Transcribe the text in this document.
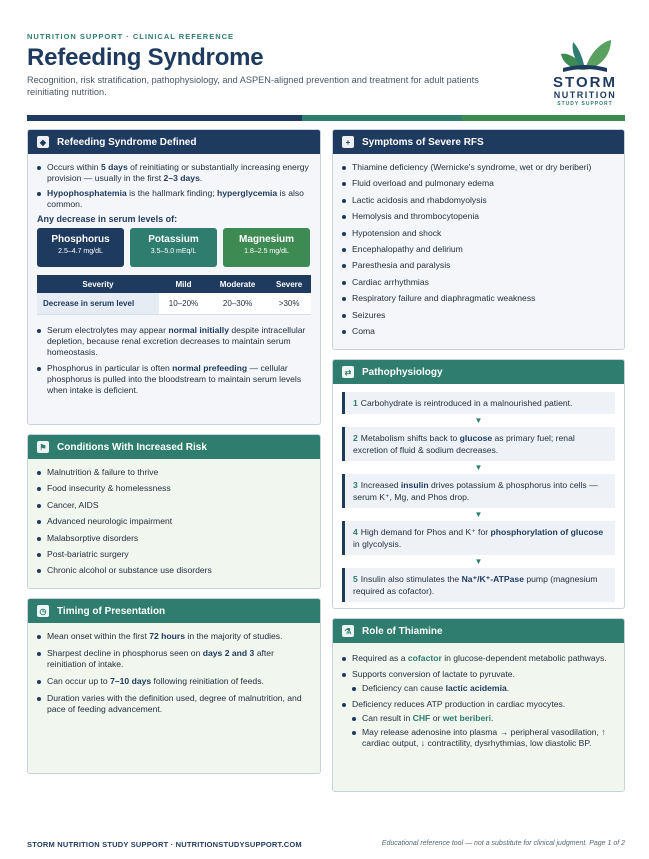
NUTRITION SUPPORT · CLINICAL REFERENCE
Refeeding Syndrome
Recognition, risk stratification, pathophysiology, and ASPEN-aligned prevention and treatment for adult patients reinitiating nutrition.
STORM
NUTRITION
STUDY SUPPORT
◆ Refeeding Syndrome Defined
Occurs within 5 days of reinitiating or substantially increasing energy provision — usually in the first 2–3 days.
Hypophosphatemia is the hallmark finding; hyperglycemia is also common.
Any decrease in serum levels of:
Phosphorus
2.5–4.7 mg/dL
Potassium
3.5–5.0 mEq/L
Magnesium
1.8–2.5 mg/dL
Severity	Mild	Moderate	Severe
Decrease in serum level	10–20%	20–30%	>30%
Serum electrolytes may appear normal initially despite intracellular depletion, because renal excretion decreases to maintain serum homeostasis.
Phosphorus in particular is often normal prefeeding — cellular phosphorus is pulled into the bloodstream to maintain serum levels when intake is deficient.
⚑ Conditions With Increased Risk
Malnutrition & failure to thrive
Food insecurity & homelessness
Cancer, AIDS
Advanced neurologic impairment
Malabsorptive disorders
Post-bariatric surgery
Chronic alcohol or substance use disorders
◷ Timing of Presentation
Mean onset within the first 72 hours in the majority of studies.
Sharpest decline in phosphorus seen on days 2 and 3 after reinitiation of intake.
Can occur up to 7–10 days following reinitiation of feeds.
Duration varies with the definition used, degree of malnutrition, and pace of feeding advancement.
+	Symptoms of Severe RFS
Thiamine deficiency (Wernicke's syndrome, wet or dry beriberi)
Fluid overload and pulmonary edema
Lactic acidosis and rhabdomyolysis
Hemolysis and thrombocytopenia
Hypotension and shock
Encephalopathy and delirium
Paresthesia and paralysis
Cardiac arrhythmias
Respiratory failure and diaphragmatic weakness
Seizures
Coma
⇄ Pathophysiology
1 Carbohydrate is reintroduced in a malnourished patient.
▼
2 Metabolism shifts back to glucose as primary fuel; renal excretion of fluid & sodium decreases.
▼
3 Increased insulin drives potassium & phosphorus into cells — serum K⁺, Mg, and Phos drop.
▼
4 High demand for Phos and K⁺ for phosphorylation of glucose in glycolysis.
▼
5 Insulin also stimulates the Na⁺/K⁺-ATPase pump (magnesium required as cofactor).
⚗ Role of Thiamine
Required as a cofactor in glucose-dependent metabolic pathways.
Supports conversion of lactate to pyruvate.
Deficiency can cause lactic acidemia.
Deficiency reduces ATP production in cardiac myocytes.
Can result in CHF or wet beriberi.
May release adenosine into plasma → peripheral vasodilation, ↑ cardiac output, ↓ contractility, dysrhythmias, low diastolic BP.
STORM NUTRITION STUDY SUPPORT · NUTRITIONSTUDYSUPPORT.COM	Educational reference tool — not a substitute for clinical judgment. Page 1 of 2
